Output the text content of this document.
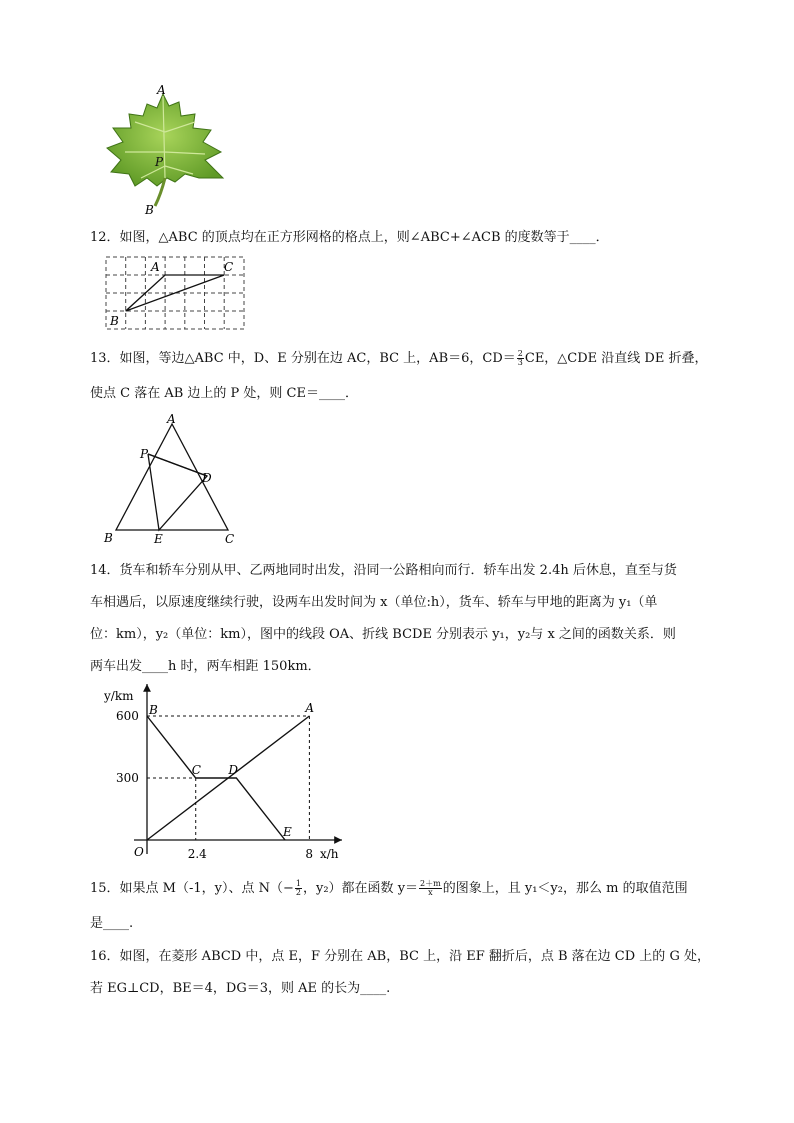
A
P
B
12．如图，△ABC 的顶点均在正方形网格的格点上，则∠ABC+∠ACB 的度数等于____．
A	C
B
13．如图，等边△ABC 中，D、E 分别在边 AC，BC 上，AB＝6，$CD= \frac{2}{3}$ CE，△CDE 沿直线 DE 折叠，
使点 C 落在 AB 边上的 P 处，则 CE＝____．
A
P
D
B	E	C
14．货车和轿车分别从甲、乙两地同时出发，沿同一公路相向而行．轿车出发 2.4h 后休息，直至与货
车相遇后，以原速度继续行驶，设两车出发时间为 x（单位:h），货车、轿车与甲地的距离为 y₁（单
位：km），y₂（单位：km），图中的线段 OA、折线 BCDE 分别表示 y₁，y₂与 x 之间的函数关系．则
两车出发____h 时，两车相距 150km．
y/km
x/h
O
600
300
2.4	8
A
B
C D
E
15．如果点 M（-1，y）、点 $N(- \frac{1}{2}$ ，y₂）都在函数 $y= \frac{2+m}{x}$ 的图象上，且 y₁＜y₂，那么 m 的取值范围
是____.
16．如图，在菱形 ABCD 中，点 E，F 分别在 AB，BC 上，沿 EF 翻折后，点 B 落在边 CD 上的 G 处，
若 EG⊥CD，BE＝4，DG＝3，则 AE 的长为____.
